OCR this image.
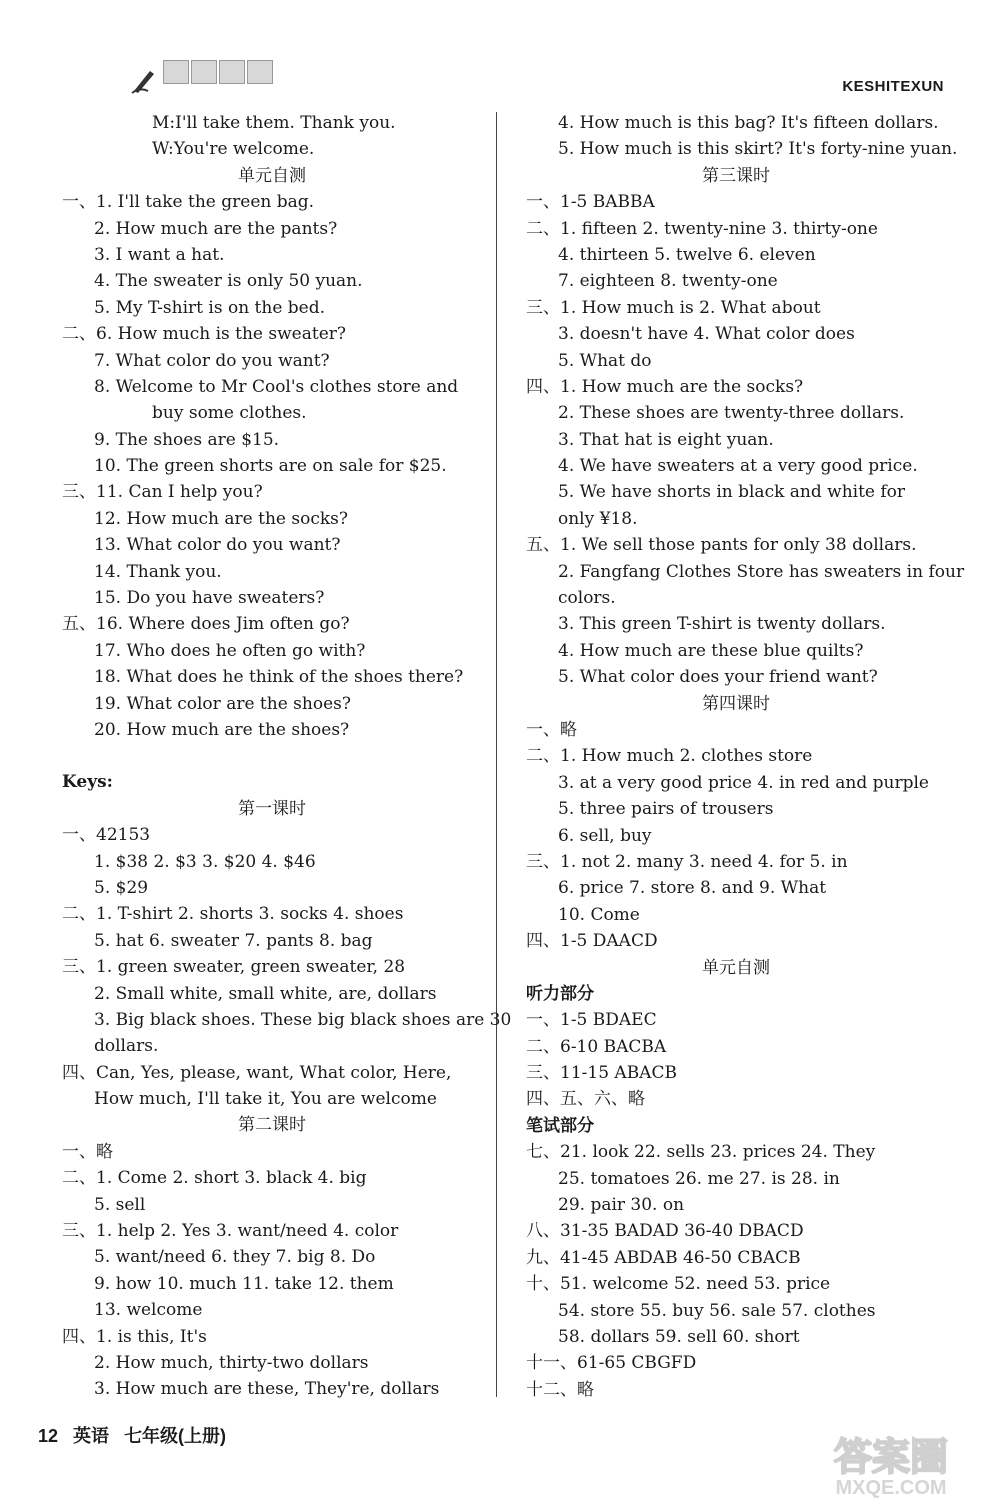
KESHITEXUN
M:I'll take them. Thank you.
W:You're welcome.
单元自测
一、1. I'll take the green bag.
2. How much are the pants?
3. I want a hat.
4. The sweater is only 50 yuan.
5. My T-shirt is on the bed.
二、6. How much is the sweater?
7. What color do you want?
8. Welcome to Mr Cool's clothes store and
buy some clothes.
9. The shoes are $15.
10. The green shorts are on sale for $25.
三、11. Can I help you?
12. How much are the socks?
13. What color do you want?
14. Thank you.
15. Do you have sweaters?
五、16. Where does Jim often go?
17. Who does he often go with?
18. What does he think of the shoes there?
19. What color are the shoes?
20. How much are the shoes?
Keys:
第一课时
一、42153
1. $38 2. $3 3. $20 4. $46
5. $29
二、1. T-shirt 2. shorts 3. socks 4. shoes
5. hat 6. sweater 7. pants 8. bag
三、1. green sweater, green sweater, 28
2. Small white, small white, are, dollars
3. Big black shoes. These big black shoes are 30
dollars.
四、Can, Yes, please, want, What color, Here,
How much, I'll take it, You are welcome
第二课时
一、略
二、1. Come 2. short 3. black 4. big
5. sell
三、1. help 2. Yes 3. want/need 4. color
5. want/need 6. they 7. big 8. Do
9. how 10. much 11. take 12. them
13. welcome
四、1. is this, It's
2. How much, thirty-two dollars
3. How much are these, They're, dollars
4. How much is this bag? It's fifteen dollars.
5. How much is this skirt? It's forty-nine yuan.
第三课时
一、1-5 BABBA
二、1. fifteen 2. twenty-nine 3. thirty-one
4. thirteen 5. twelve 6. eleven
7. eighteen 8. twenty-one
三、1. How much is 2. What about
3. doesn't have 4. What color does
5. What do
四、1. How much are the socks?
2. These shoes are twenty-three dollars.
3. That hat is eight yuan.
4. We have sweaters at a very good price.
5. We have shorts in black and white for
only ¥18.
五、1. We sell those pants for only 38 dollars.
2. Fangfang Clothes Store has sweaters in four
colors.
3. This green T-shirt is twenty dollars.
4. How much are these blue quilts?
5. What color does your friend want?
第四课时
一、略
二、1. How much 2. clothes store
3. at a very good price 4. in red and purple
5. three pairs of trousers
6. sell, buy
三、1. not 2. many 3. need 4. for 5. in
6. price 7. store 8. and 9. What
10. Come
四、1-5 DAACD
单元自测
听力部分
一、1-5 BDAEC
二、6-10 BACBA
三、11-15 ABACB
四、五、六、略
笔试部分
七、21. look 22. sells 23. prices 24. They
25. tomatoes 26. me 27. is 28. in
29. pair 30. on
八、31-35 BADAD 36-40 DBACD
九、41-45 ABDAB 46-50 CBACB
十、51. welcome 52. need 53. price
54. store 55. buy 56. sale 57. clothes
58. dollars 59. sell 60. short
十一、61-65 CBGFD
十二、略
12 英语 七年级(上册)	答案圈
MXQE.COM
